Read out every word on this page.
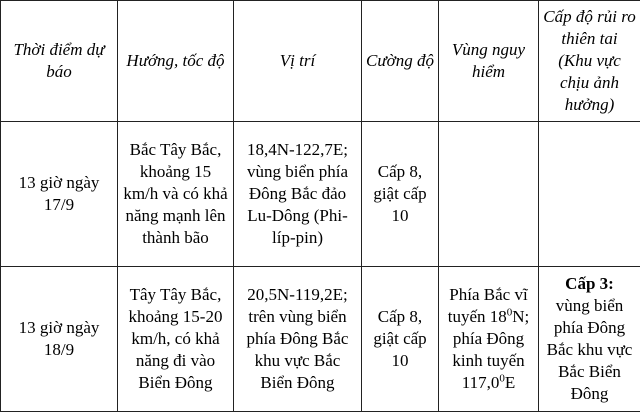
Thời điểm dự báo	Hướng, tốc độ	Vị trí	Cường độ	Vùng nguy hiểm	Cấp độ rủi ro thiên tai (Khu vực chịu ảnh hưởng)
13 giờ ngày 17/9	Bắc Tây Bắc, khoảng 15 km/h và có khả năng mạnh lên thành bão	18,4N-122,7E; vùng biển phía Đông Bắc đảo Lu-Dông (Phi-líp-pin)	Cấp 8, giật cấp 10		
13 giờ ngày 18/9	Tây Tây Bắc, khoảng 15-20 km/h, có khả năng đi vào Biển Đông	20,5N-119,2E; trên vùng biển phía Đông Bắc khu vực Bắc Biển Đông	Cấp 8, giật cấp 10	Phía Bắc vĩ tuyến $18^0N$; phía Đông kinh tuyến 117,0$^0$E	Cấp 3:
vùng biển phía Đông Bắc khu vực Bắc Biển Đông
